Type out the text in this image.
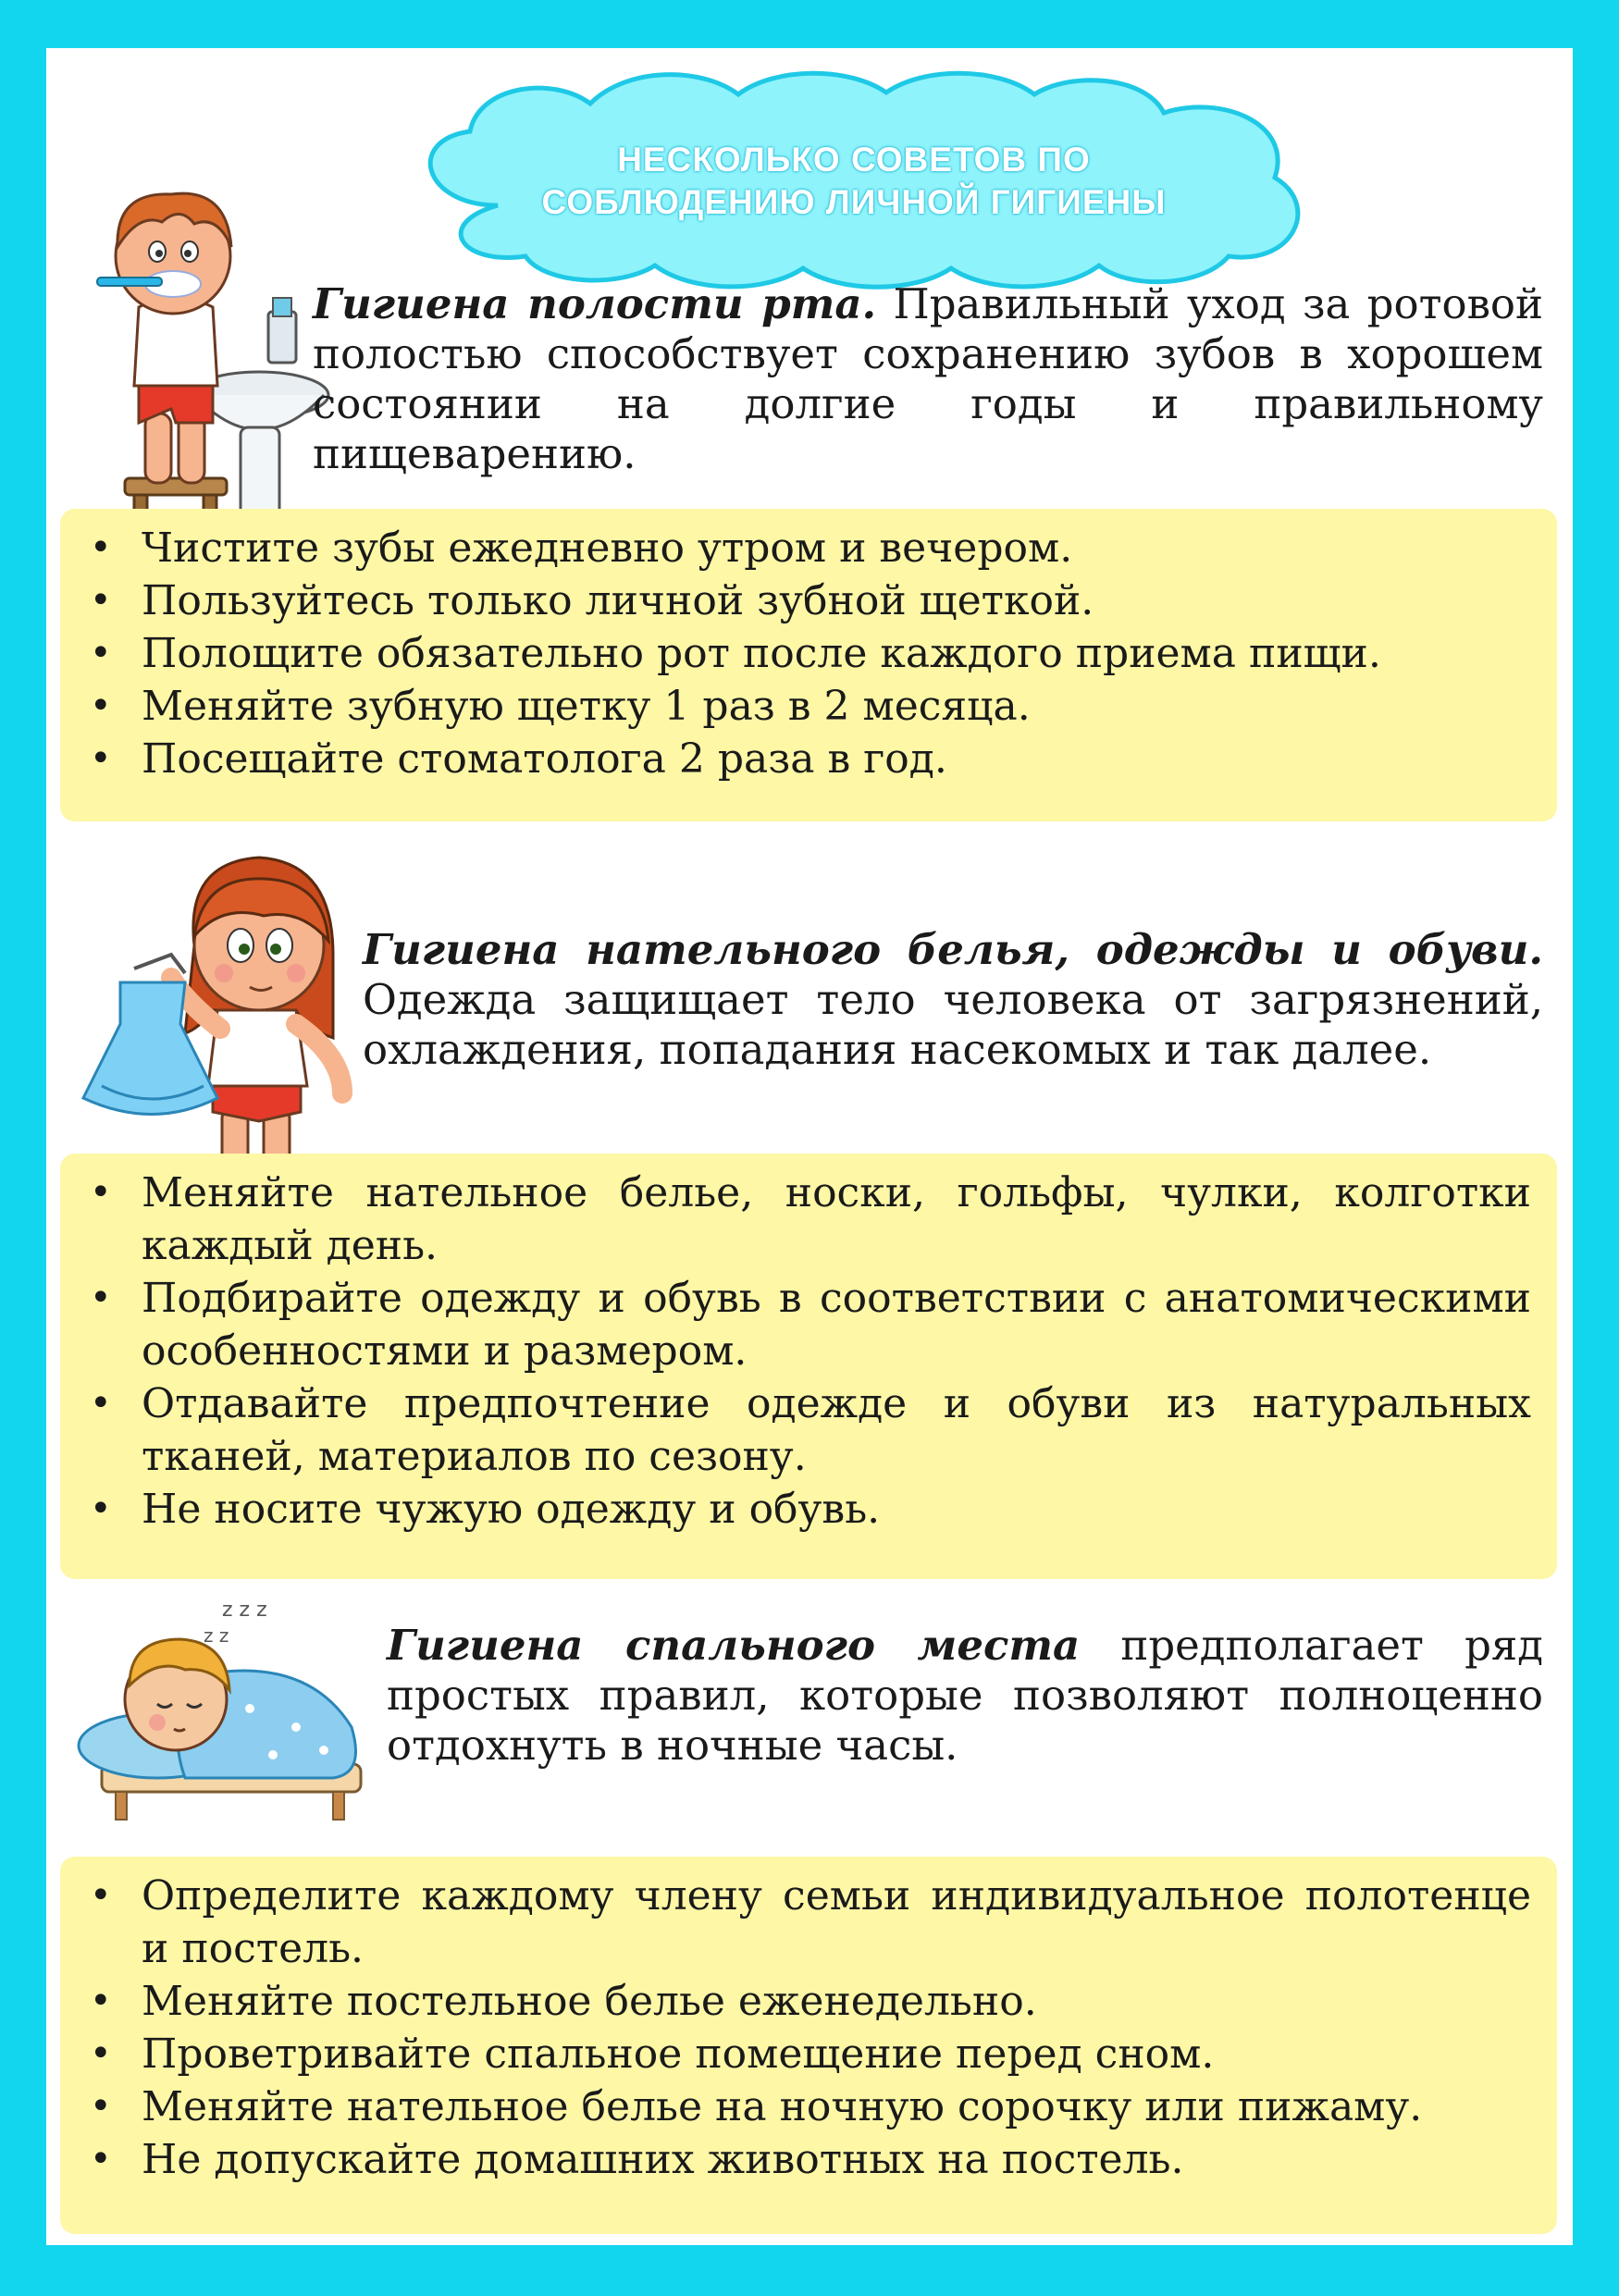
НЕСКОЛЬКО СОВЕТОВ ПО
СОБЛЮДЕНИЮ ЛИЧНОЙ ГИГИЕНЫ
Гигиена полости рта. Правильный уход за ротовой полостью способствует сохранению зубов в хорошем состоянии на долгие годы и правильному пищеварению.
• Чистите зубы ежедневно утром и вечером.
• Пользуйтесь только личной зубной щеткой.
• Полощите обязательно рот после каждого приема пищи.
• Меняйте зубную щетку 1 раз в 2 месяца.
• Посещайте стоматолога 2 раза в год.
Гигиена нательного белья, одежды и обуви. Одежда защищает тело человека от загрязнений, охлаждения, попадания насекомых и так далее.
• Меняйте нательное белье, носки, гольфы, чулки, колготки каждый день.
• Подбирайте одежду и обувь в соответствии с анатомическими особенностями и размером.
• Отдавайте предпочтение одежде и обуви из натуральных тканей, материалов по сезону.
• Не носите чужую одежду и обувь.
z z z
z z	Гигиена спального места предполагает ряд простых правил, которые позволяют полноценно отдохнуть в ночные часы.
• Определите каждому члену семьи индивидуальное полотенце и постель.
• Меняйте постельное белье еженедельно.
• Проветривайте спальное помещение перед сном.
• Меняйте нательное белье на ночную сорочку или пижаму.
• Не допускайте домашних животных на постель.
